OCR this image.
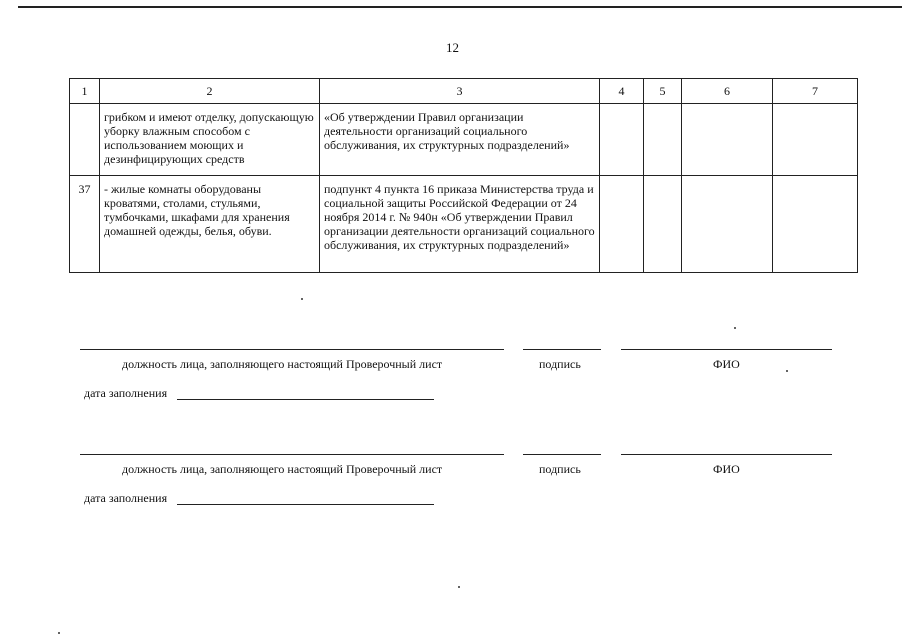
12
1	2	3	4	5	6	7
	грибком и имеют отделку, допускающую уборку влажным способом с использованием моющих и дезинфицирующих средств	«Об утверждении Правил организации деятельности организаций социального обслуживания, их структурных подразделений»				
37	- жилые комнаты оборудованы кроватями, столами, стульями, тумбочками, шкафами для хранения домашней одежды, белья, обуви.	подпункт 4 пункта 16 приказа Министерства труда и социальной защиты Российской Федерации от 24 ноября 2014 г. № 940н «Об утверждении Правил организации деятельности организаций социального обслуживания, их структурных подразделений»				
должность лица, заполняющего настоящий Проверочный лист	подпись	ФИО
дата заполнения
должность лица, заполняющего настоящий Проверочный лист	подпись	ФИО
дата заполнения
